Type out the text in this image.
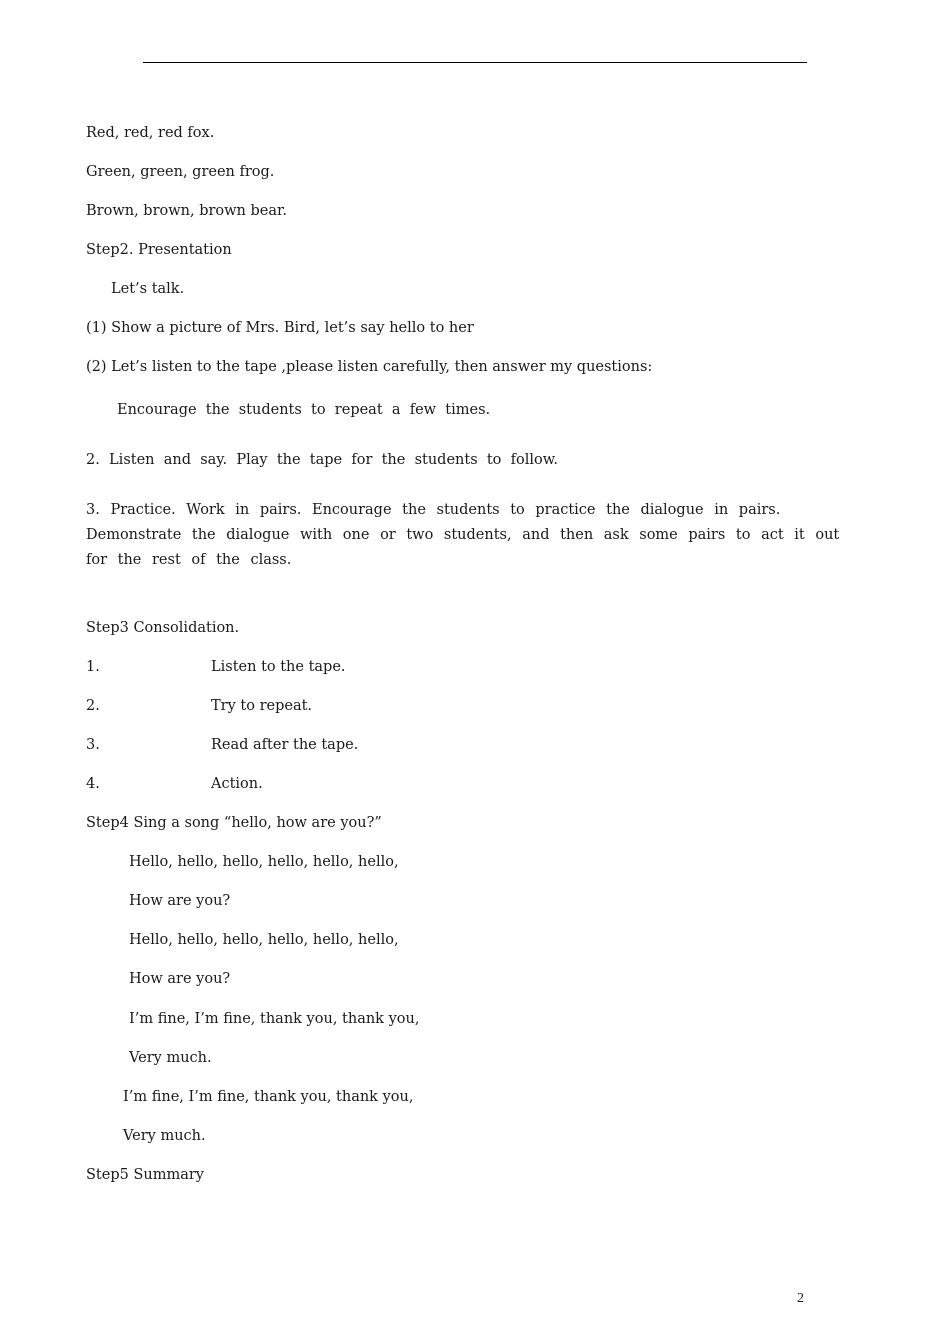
Red, red, red fox.
Green, green, green frog.
Brown, brown, brown bear.
Step2. Presentation
Let’s talk.
(1) Show a picture of Mrs. Bird, let’s say hello to her
(2) Let’s listen to the tape ,please listen carefully, then answer my questions:
Encourage  the  students  to  repeat  a  few  times.
2.  Listen  and  say.  Play  the  tape  for  the  students  to  follow.
3. Practice. Work in pairs. Encourage the students to practice the dialogue in pairs. Demonstrate the dialogue with one or two students, and then ask some pairs to act it out for the rest of the class.
Step3 Consolidation.
1.	Listen to the tape.
2.	Try to repeat.
3.	Read after the tape.
4.	Action.
Step4 Sing a song “hello, how are you?”
Hello, hello, hello, hello, hello, hello,
How are you?
Hello, hello, hello, hello, hello, hello,
How are you?
I’m fine, I’m fine, thank you, thank you,
Very much.
I’m fine, I’m fine, thank you, thank you,
Very much.
Step5 Summary
2
